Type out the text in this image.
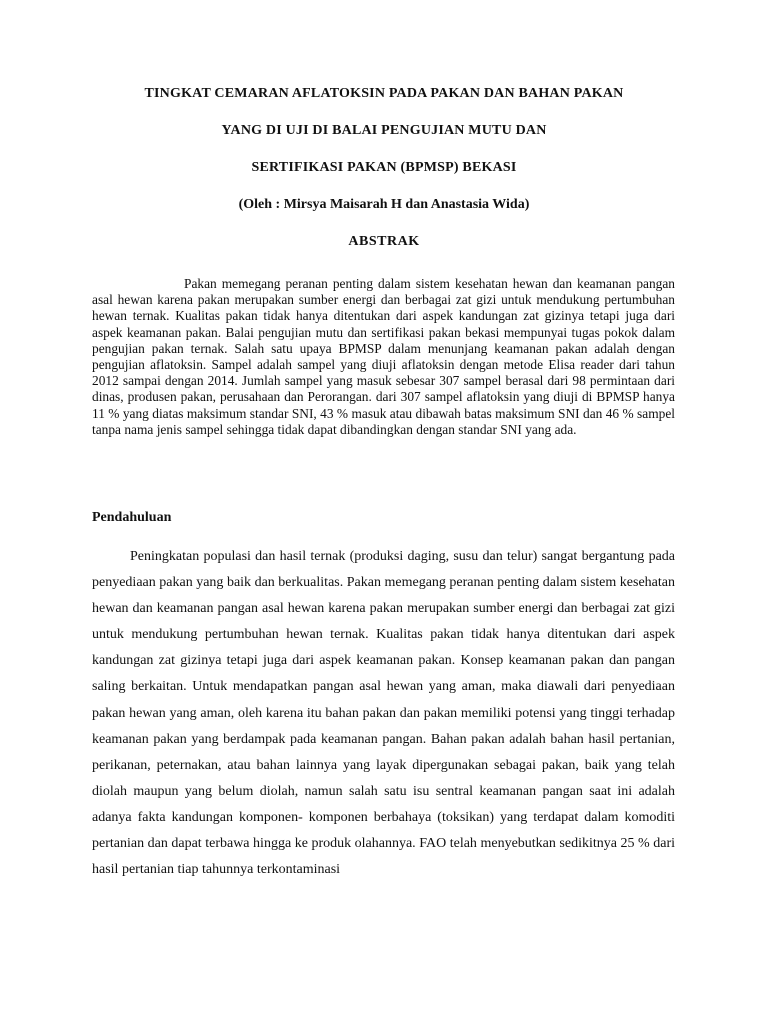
TINGKAT CEMARAN AFLATOKSIN PADA PAKAN DAN BAHAN PAKAN

YANG DI UJI DI BALAI PENGUJIAN MUTU DAN

SERTIFIKASI PAKAN (BPMSP) BEKASI

(Oleh : Mirsya Maisarah H dan Anastasia Wida)

ABSTRAK

Pakan memegang peranan penting dalam sistem kesehatan hewan dan keamanan pangan asal hewan karena pakan merupakan sumber energi dan berbagai zat gizi untuk mendukung pertumbuhan hewan ternak. Kualitas pakan tidak hanya ditentukan dari aspek kandungan zat gizinya tetapi juga dari aspek keamanan pakan. Balai pengujian mutu dan sertifikasi pakan bekasi mempunyai tugas pokok dalam pengujian pakan ternak. Salah satu upaya BPMSP dalam menunjang keamanan pakan adalah dengan pengujian aflatoksin. Sampel adalah sampel yang diuji aflatoksin dengan metode Elisa reader dari tahun 2012 sampai dengan 2014. Jumlah sampel yang masuk sebesar 307 sampel berasal dari 98 permintaan dari dinas, produsen pakan, perusahaan dan Perorangan. dari 307 sampel aflatoksin yang diuji di BPMSP hanya 11 % yang diatas maksimum standar SNI, 43 % masuk atau dibawah batas maksimum SNI dan 46 % sampel tanpa nama jenis sampel sehingga tidak dapat dibandingkan dengan standar SNI yang ada.

Pendahuluan

Peningkatan populasi dan hasil ternak (produksi daging, susu dan telur) sangat bergantung pada penyediaan pakan yang baik dan berkualitas. Pakan memegang peranan penting dalam sistem kesehatan hewan dan keamanan pangan asal hewan karena pakan merupakan sumber energi dan berbagai zat gizi untuk mendukung pertumbuhan hewan ternak. Kualitas pakan tidak hanya ditentukan dari aspek kandungan zat gizinya tetapi juga dari aspek keamanan pakan. Konsep keamanan pakan dan pangan saling berkaitan. Untuk mendapatkan pangan asal hewan yang aman, maka diawali dari penyediaan pakan hewan yang aman, oleh karena itu bahan pakan dan pakan memiliki potensi yang tinggi terhadap keamanan pakan yang berdampak pada keamanan pangan. Bahan pakan adalah bahan hasil pertanian, perikanan, peternakan, atau bahan lainnya yang layak dipergunakan sebagai pakan, baik yang telah diolah maupun yang belum diolah, namun salah satu isu sentral keamanan pangan saat ini adalah adanya fakta kandungan komponen- komponen berbahaya (toksikan) yang terdapat dalam komoditi pertanian dan dapat terbawa hingga ke produk olahannya. FAO telah menyebutkan sedikitnya 25 % dari hasil pertanian tiap tahunnya terkontaminasi
